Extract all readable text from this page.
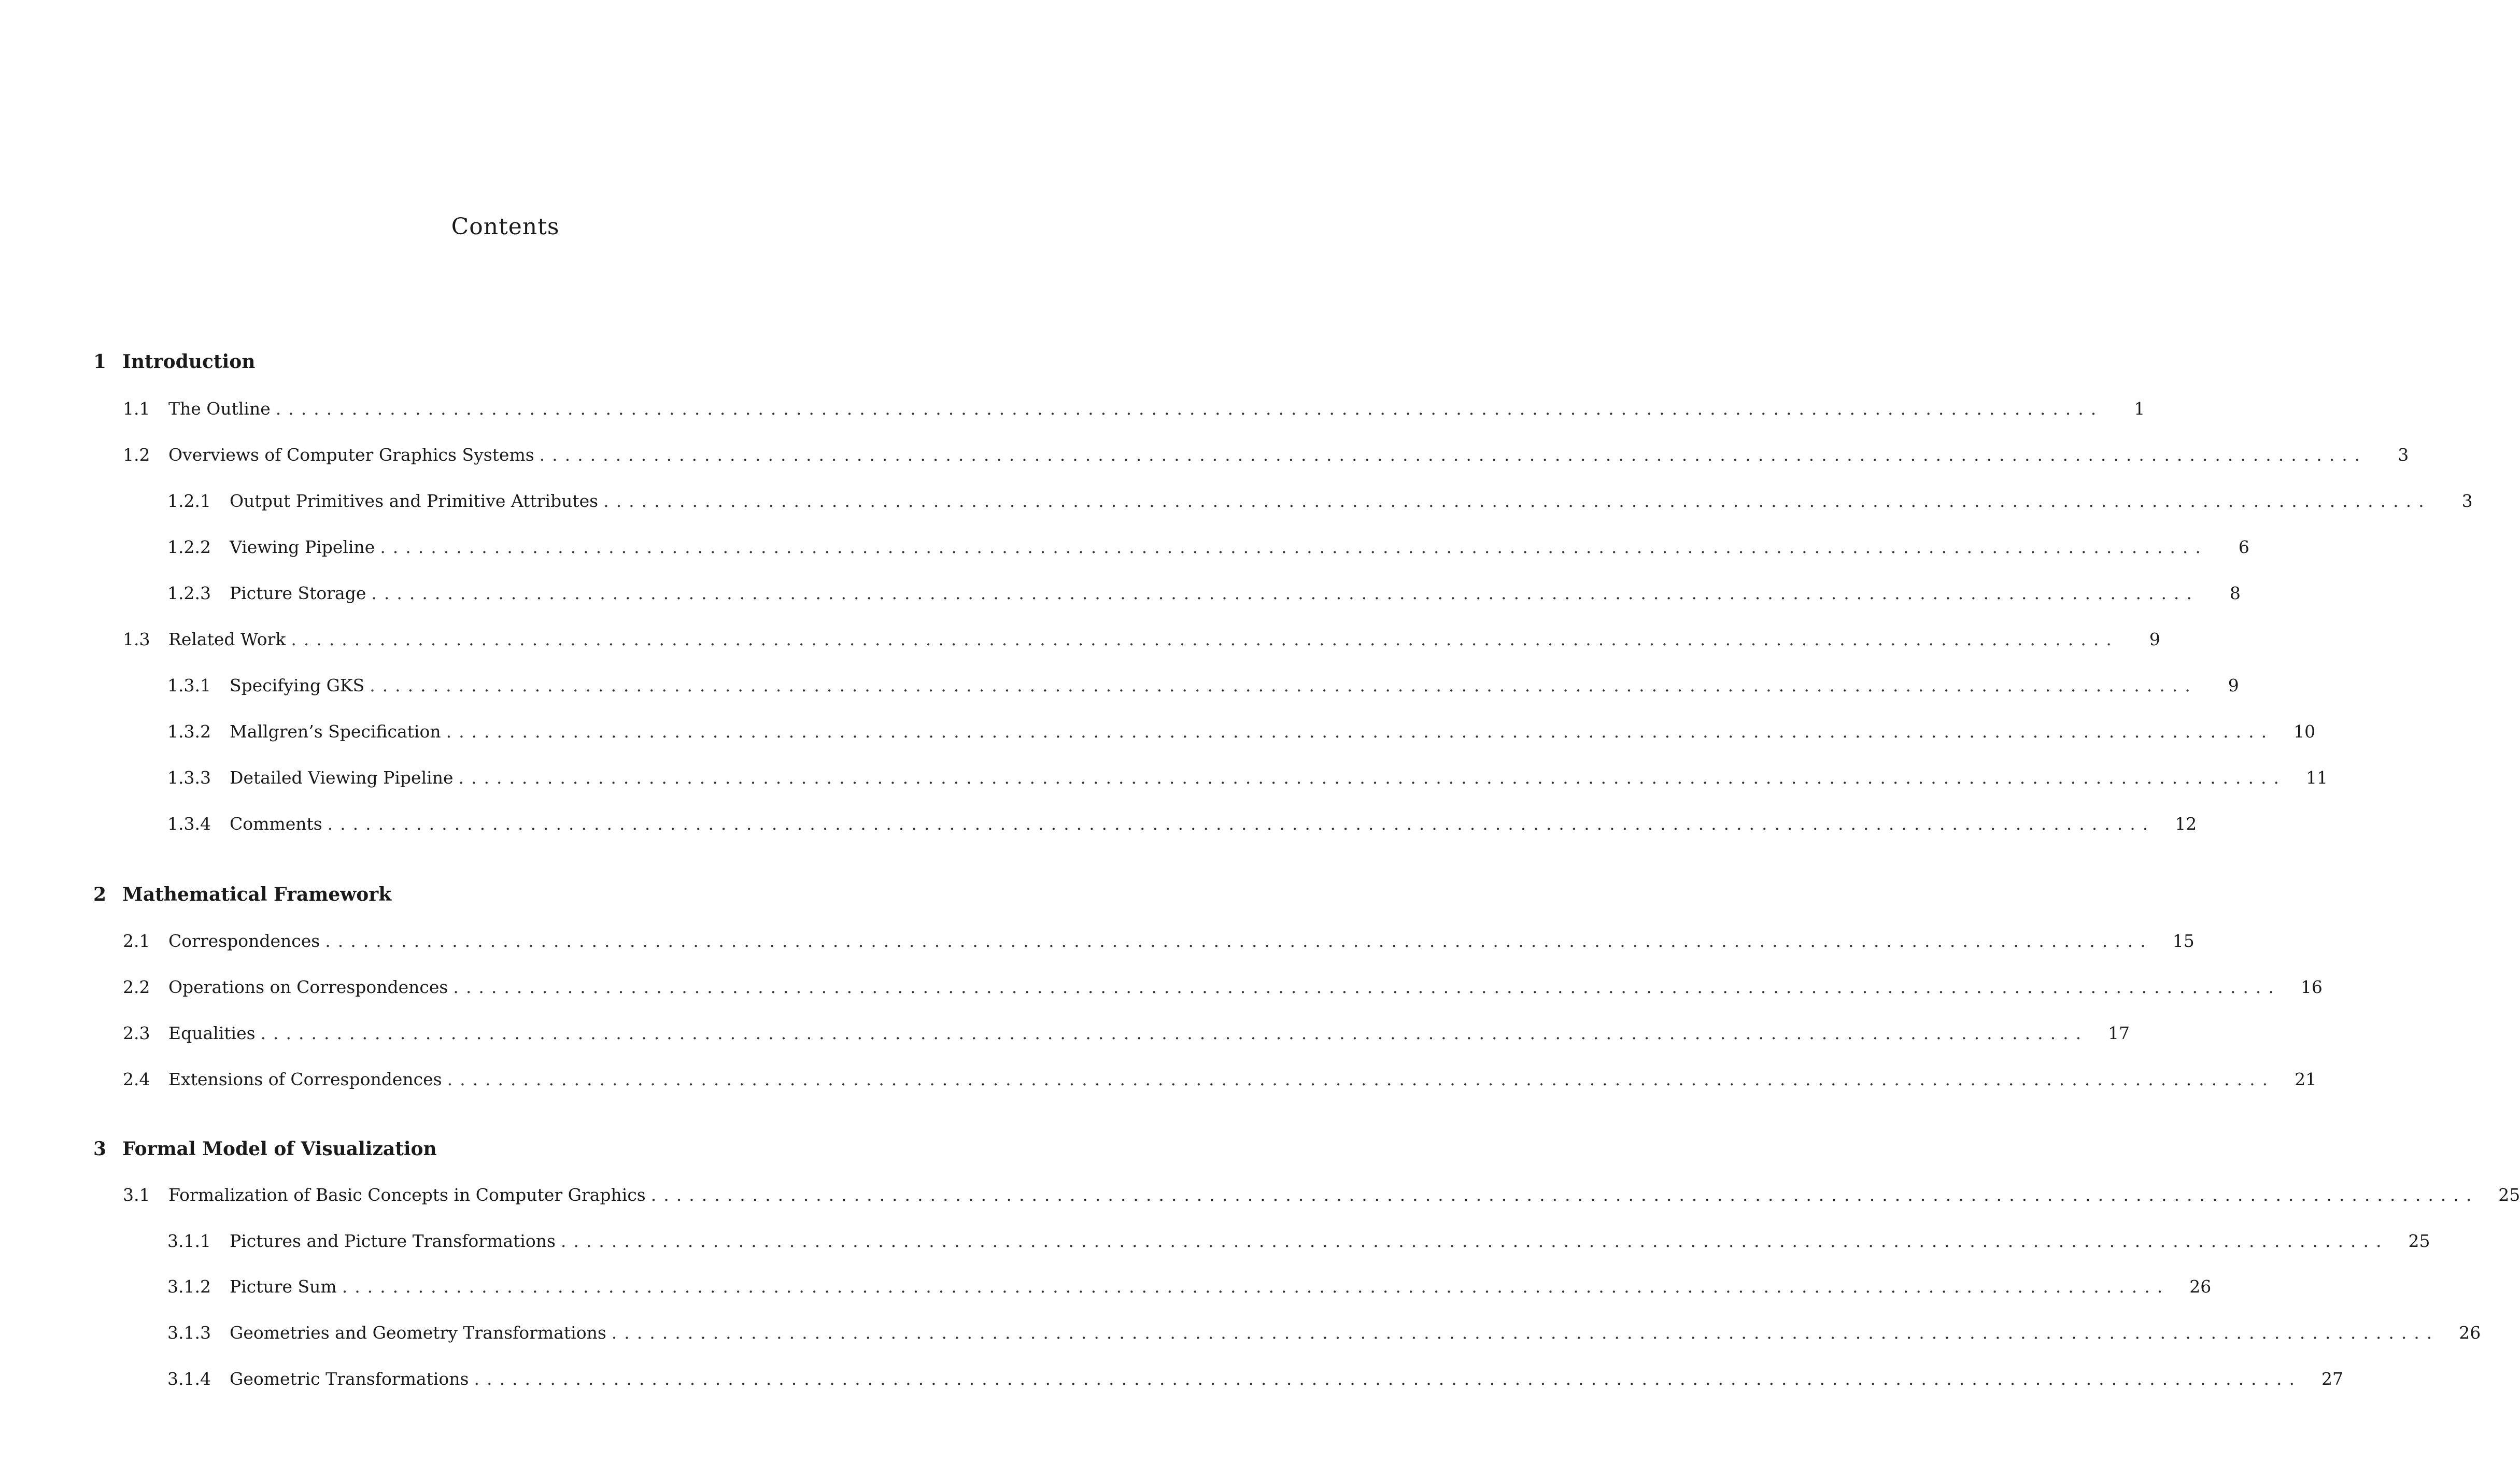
Contents
1 Introduction
1.1	The Outline ................................................................................................................................................	1
1.2	Overviews of Computer Graphics Systems ................................................................................................................................................	3
1.2.1	Output Primitives and Primitive Attributes ................................................................................................................................................	3
1.2.2	Viewing Pipeline ................................................................................................................................................	6
1.2.3	Picture Storage ................................................................................................................................................	8
1.3	Related Work ................................................................................................................................................	9
1.3.1	Specifying GKS ................................................................................................................................................	9
1.3.2	Mallgren’s Specification ................................................................................................................................................	10
1.3.3	Detailed Viewing Pipeline ................................................................................................................................................	11
1.3.4	Comments ................................................................................................................................................	12
2 Mathematical Framework
2.1	Correspondences ................................................................................................................................................	15
2.2	Operations on Correspondences ................................................................................................................................................	16
2.3	Equalities ................................................................................................................................................	17
2.4	Extensions of Correspondences ................................................................................................................................................	21
3 Formal Model of Visualization
3.1	Formalization of Basic Concepts in Computer Graphics ................................................................................................................................................	25
3.1.1	Pictures and Picture Transformations ................................................................................................................................................	25
3.1.2	Picture Sum ................................................................................................................................................	26
3.1.3	Geometries and Geometry Transformations ................................................................................................................................................	26
3.1.4	Geometric Transformations ................................................................................................................................................	27
